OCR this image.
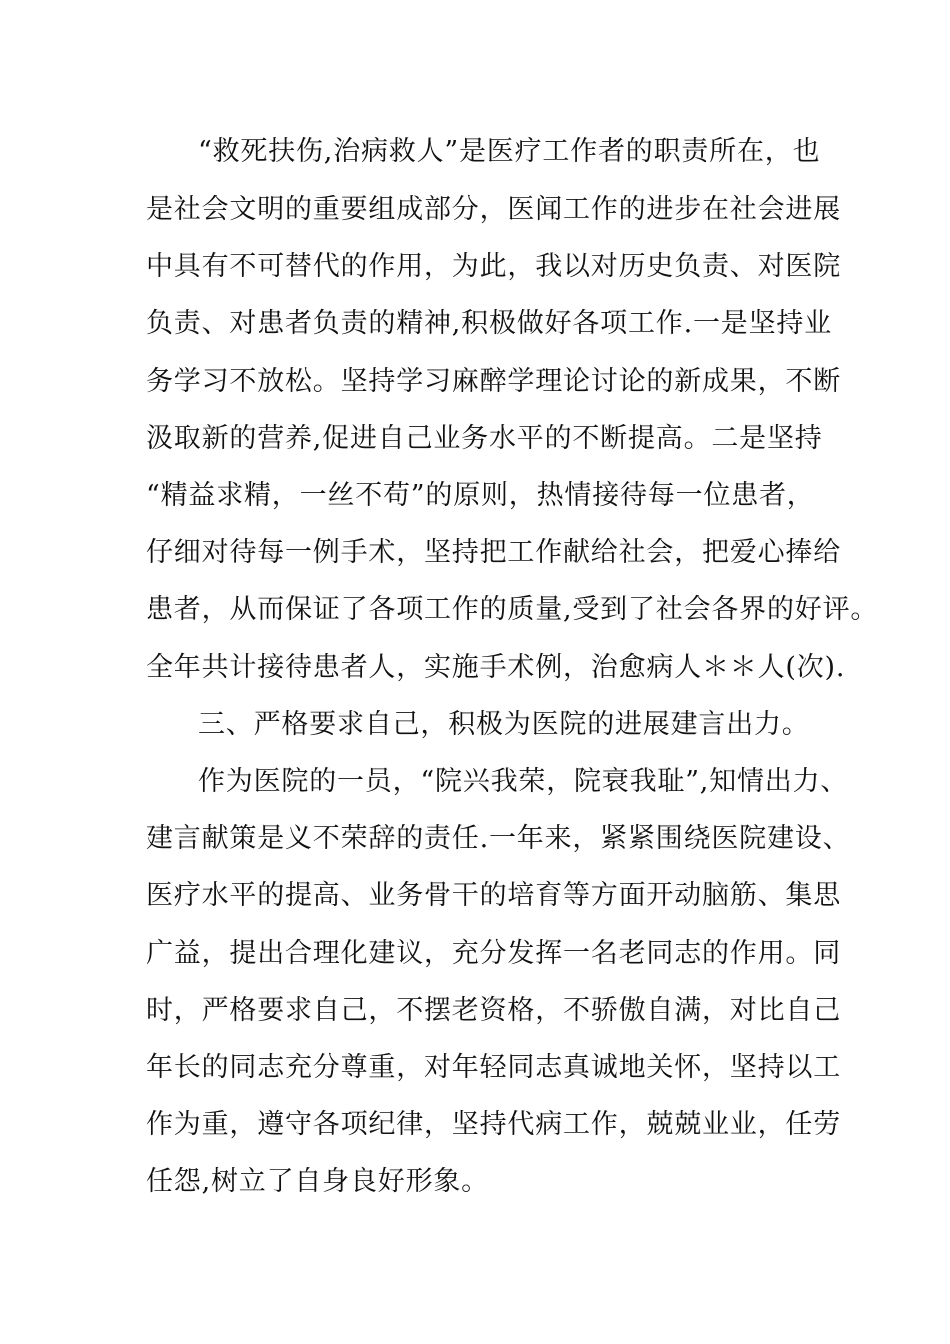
“救死扶伤,治病救人”是医疗工作者的职责所在，也
是社会文明的重要组成部分，医闻工作的进步在社会进展
中具有不可替代的作用，为此，我以对历史负责、对医院
负责、对患者负责的精神,积极做好各项工作.一是坚持业
务学习不放松。坚持学习麻醉学理论讨论的新成果，不断
汲取新的营养,促进自己业务水平的不断提高。二是坚持
“精益求精，一丝不苟”的原则，热情接待每一位患者，
仔细对待每一例手术，坚持把工作献给社会，把爱心捧给
患者，从而保证了各项工作的质量,受到了社会各界的好评。
全年共计接待患者人，实施手术例，治愈病人＊＊人(次).
三、严格要求自己，积极为医院的进展建言出力。
作为医院的一员，“院兴我荣，院衰我耻”,知情出力、
建言献策是义不荣辞的责任.一年来，紧紧围绕医院建设、
医疗水平的提高、业务骨干的培育等方面开动脑筋、集思
广益，提出合理化建议，充分发挥一名老同志的作用。同
时，严格要求自己，不摆老资格，不骄傲自满，对比自己
年长的同志充分尊重，对年轻同志真诚地关怀，坚持以工
作为重，遵守各项纪律，坚持代病工作，兢兢业业，任劳
任怨,树立了自身良好形象。
